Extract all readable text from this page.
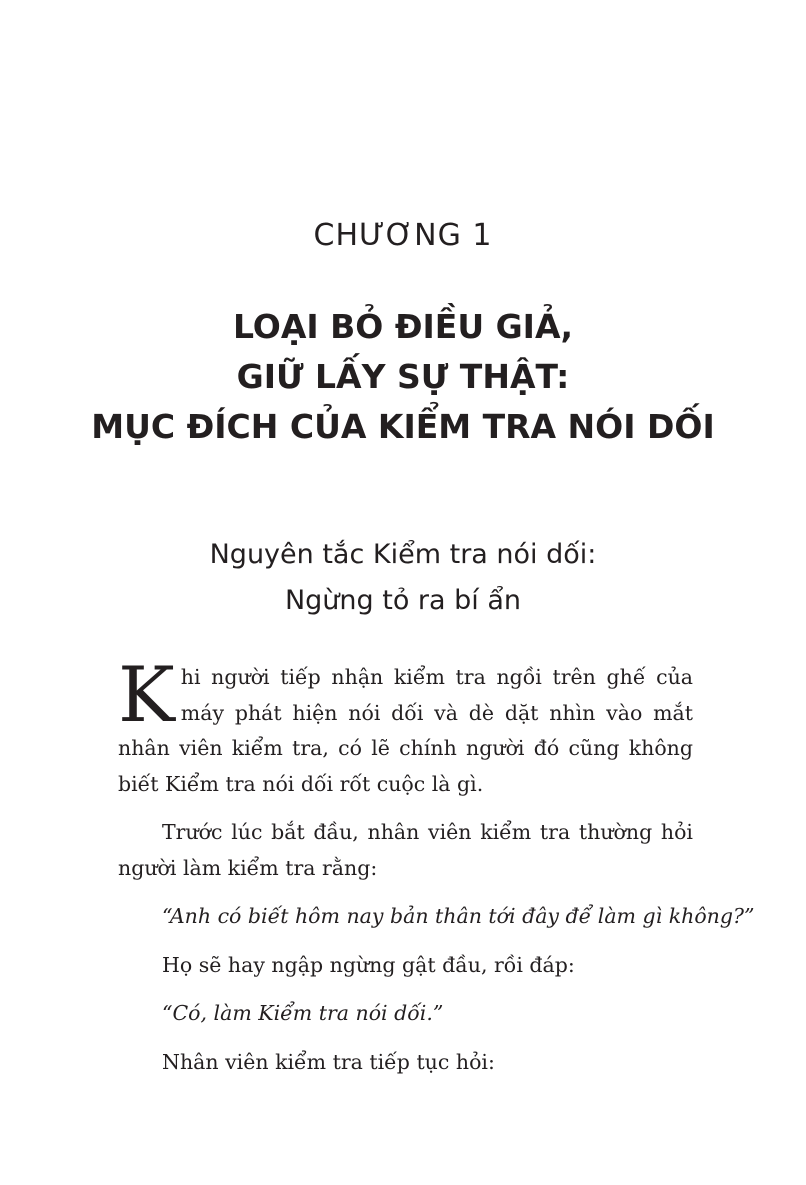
CHƯƠNG 1
LOẠI BỎ ĐIỀU GIẢ,
GIỮ LẤY SỰ THẬT:
MỤC ĐÍCH CỦA KIỂM TRA NÓI DỐI
Nguyên tắc Kiểm tra nói dối:
Ngừng tỏ ra bí ẩn

Khi người tiếp nhận kiểm tra ngồi trên ghế của máy phát hiện nói dối và dè dặt nhìn vào mắt nhân viên kiểm tra, có lẽ chính người đó cũng không biết Kiểm tra nói dối rốt cuộc là gì.

Trước lúc bắt đầu, nhân viên kiểm tra thường hỏi người làm kiểm tra rằng:

“Anh có biết hôm nay bản thân tới đây để làm gì không?”

Họ sẽ hay ngập ngừng gật đầu, rồi đáp:

“Có, làm Kiểm tra nói dối.”

Nhân viên kiểm tra tiếp tục hỏi:
